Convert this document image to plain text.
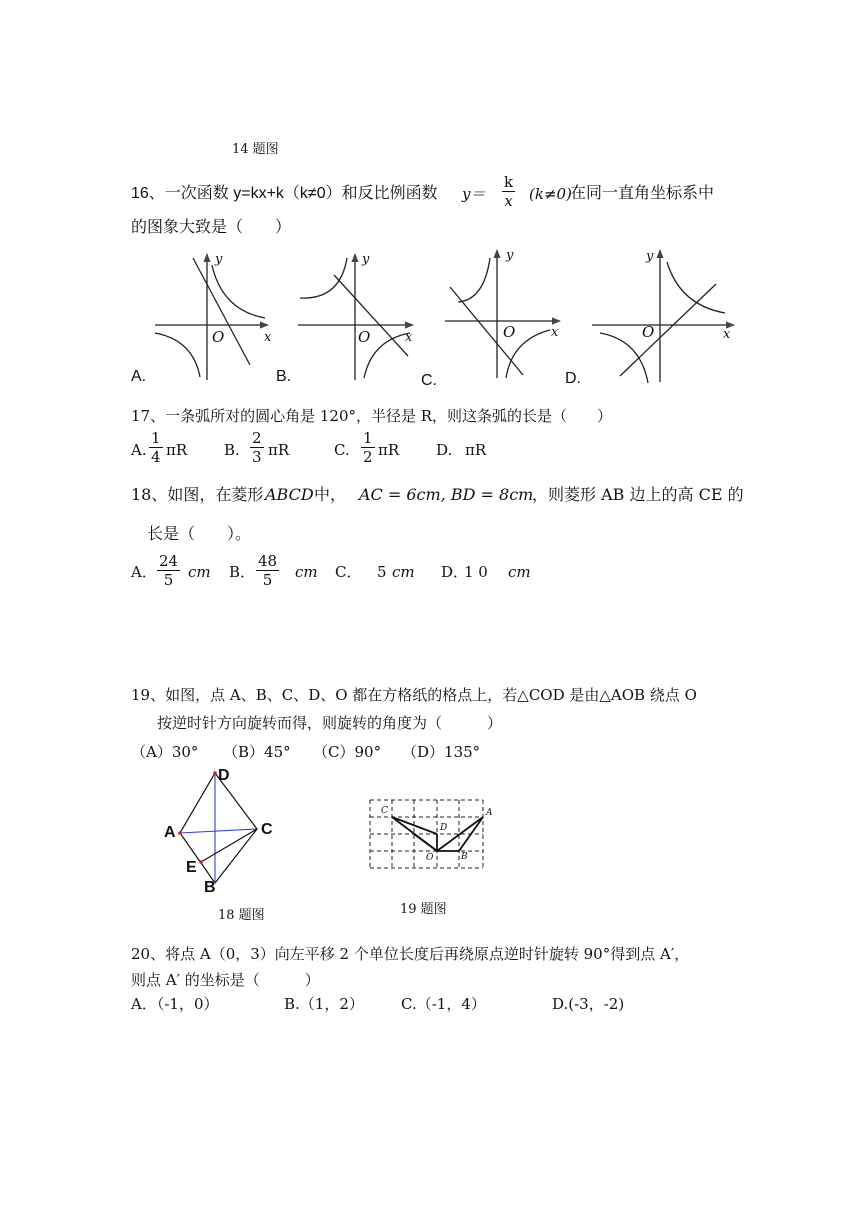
14 题图
16、一次函数 y=kx+k（k≠0）和反比例函数 $y= \frac{k}{x} (k\ne 0)$
在同一直角坐标系中
的图象大致是（　　）
y
x
O
A.
y
x
O
B.
y
x
O
C.
y
x
O
D.
17、一条弧所对的圆心角是 120°，半径是 R，则这条弧的长是（　　）
A. $\frac{1}{4}$ πR B. $\frac{2}{3}$ πR	C. $\frac{1}{2}$ πR D. πR
18、如图，在菱形 ABCD 中， AC = 6cm, BD = 8cm
，则菱形 AB 边上的高 CE 的
长是（　　）。
A． $\frac{24}{5}$ cm B． $\frac{48}{5}$ cm C． 5 cm D．
1 0 cm
19、如图，点 A、B、C、D、O 都在方格纸的格点上，若△COD 是由△AOB 绕点 O
按逆时针方向旋转而得，则旋转的角度为（　　　）
（A）30° （B）45° （C）90° （D）135°
D
A	C
E
B
18 题图
C
D
A
O	B
19 题图
20、将点 A（0，3）向左平移 2 个单位长度后再绕原点逆时针旋转 90°得到点 A′，
则点 A′ 的坐标是（　　　）
A．（-1，0）	B.（1，2） C.（-1，4）	D.(-3，-2)
